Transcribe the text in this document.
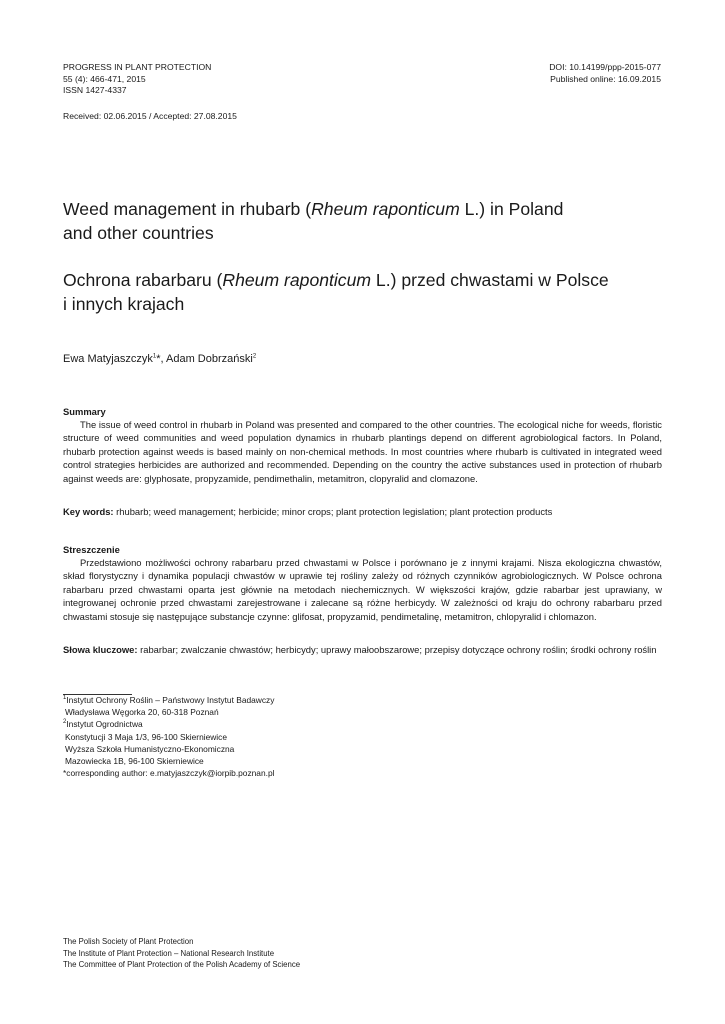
PROGRESS IN PLANT PROTECTION
55 (4): 466-471, 2015
ISSN 1427-4337
DOI: 10.14199/ppp-2015-077
Published online: 16.09.2015
Received: 02.06.2015 / Accepted: 27.08.2015
Weed management in rhubarb (Rheum raponticum L.) in Poland
and other countries
Ochrona rabarbaru (Rheum raponticum L.) przed chwastami w Polsce
i innych krajach
Ewa Matyjaszczyk$^1$*, Adam Dobrzański$^2$
Summary
The issue of weed control in rhubarb in Poland was presented and compared to the other countries. The ecological niche for weeds, floristic structure of weed communities and weed population dynamics in rhubarb plantings depend on different agrobiological factors. In Poland, rhubarb protection against weeds is based mainly on non-chemical methods. In most countries where rhubarb is cultivated in integrated weed control strategies herbicides are authorized and recommended. Depending on the country the active substances used in protection of rhubarb against weeds are: glyphosate, propyzamide, pendimethalin, metamitron, clopyralid and clomazone.
Key words: rhubarb; weed management; herbicide; minor crops; plant protection legislation; plant protection products
Streszczenie
Przedstawiono możliwości ochrony rabarbaru przed chwastami w Polsce i porównano je z innymi krajami. Nisza ekologiczna chwastów, skład florystyczny i dynamika populacji chwastów w uprawie tej rośliny zależy od różnych czynników agrobiologicznych. W Polsce ochrona rabarbaru przed chwastami oparta jest głównie na metodach niechemicznych. W większości krajów, gdzie rabarbar jest uprawiany, w integrowanej ochronie przed chwastami zarejestrowane i zalecane są różne herbicydy. W zależności od kraju do ochrony rabarbaru przed chwastami stosuje się następujące substancje czynne: glifosat, propyzamid, pendimetalinę, metamitron, chlopyralid i chlomazon.
Słowa kluczowe: rabarbar; zwalczanie chwastów; herbicydy; uprawy małoobszarowe; przepisy dotyczące ochrony roślin; środki ochrony roślin
$^1$Instytut Ochrony Roślin – Państwowy Instytut Badawczy
Władysława Węgorka 20, 60-318 Poznań
$^2$Instytut Ogrodnictwa
Konstytucji 3 Maja 1/3, 96-100 Skierniewice
Wyższa Szkoła Humanistyczno-Ekonomiczna
Mazowiecka 1B, 96-100 Skierniewice
*corresponding author: e.matyjaszczyk@iorpib.poznan.pl
The Polish Society of Plant Protection
The Institute of Plant Protection – National Research Institute
The Committee of Plant Protection of the Polish Academy of Science
